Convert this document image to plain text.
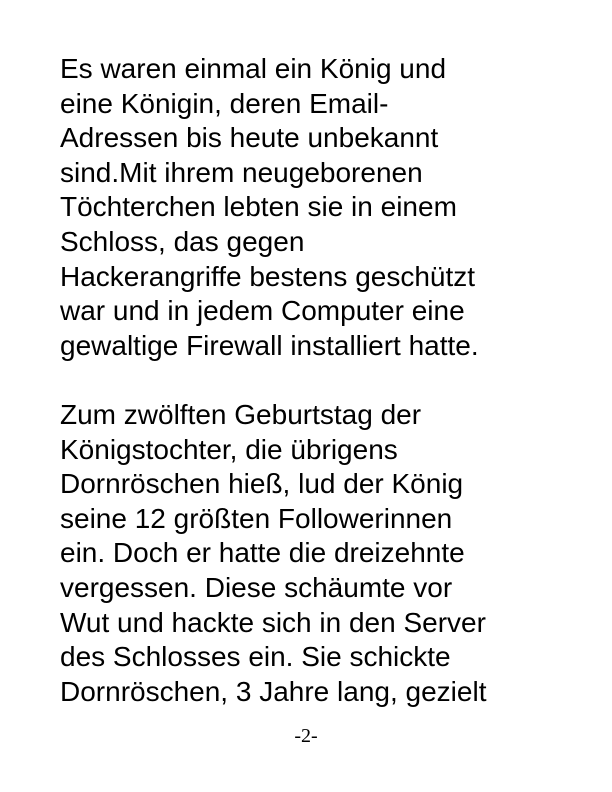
Es waren einmal ein König und
eine Königin, deren Email-
Adressen bis heute unbekannt
sind.Mit ihrem neugeborenen
Töchterchen lebten sie in einem
Schloss, das gegen
Hackerangriffe bestens geschützt
war und in jedem Computer eine
gewaltige Firewall installiert hatte.
Zum zwölften Geburtstag der
Königstochter, die übrigens
Dornröschen hieß, lud der König
seine 12 größten Followerinnen
ein. Doch er hatte die dreizehnte
vergessen. Diese schäumte vor
Wut und hackte sich in den Server
des Schlosses ein. Sie schickte
Dornröschen, 3 Jahre lang, gezielt
-2-
